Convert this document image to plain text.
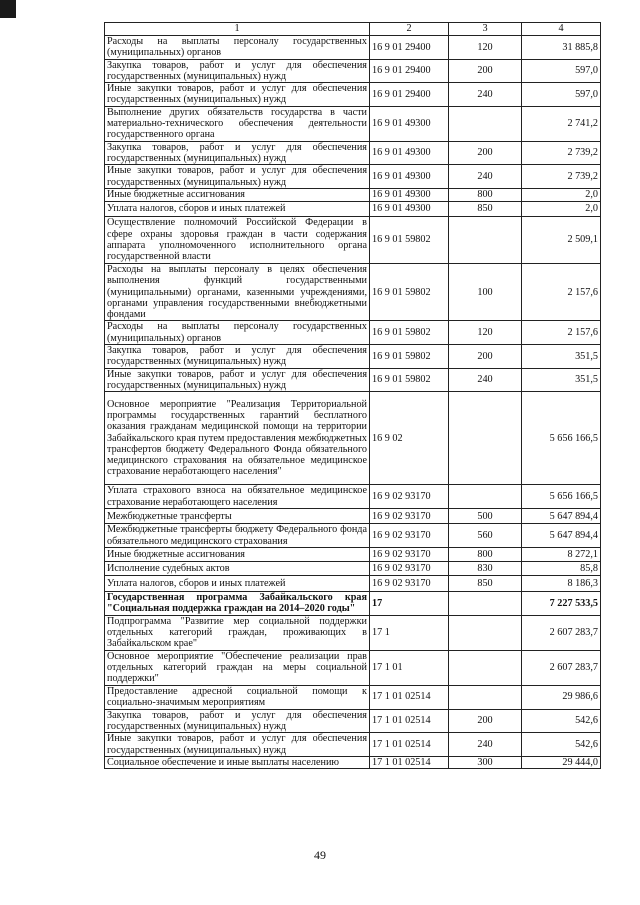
1	2	3	4
Расходы на выплаты персоналу государственных (муниципальных) органов	16 9 01 29400	120	31 885,8
Закупка товаров, работ и услуг для обеспечения государственных (муниципальных) нужд	16 9 01 29400	200	597,0
Иные закупки товаров, работ и услуг для обеспечения государственных (муниципальных) нужд	16 9 01 29400	240	597,0
Выполнение других обязательств государства в части материально-технического обеспечения деятельности государственного органа	16 9 01 49300		2 741,2
Закупка товаров, работ и услуг для обеспечения государственных (муниципальных) нужд	16 9 01 49300	200	2 739,2
Иные закупки товаров, работ и услуг для обеспечения государственных (муниципальных) нужд	16 9 01 49300	240	2 739,2
Иные бюджетные ассигнования	16 9 01 49300	800	2,0
Уплата налогов, сборов и иных платежей	16 9 01 49300	850	2,0
Осуществление полномочий Российской Федерации в сфере охраны здоровья граждан в части содержания аппарата уполномоченного исполнительного органа государственной власти	16 9 01 59802		2 509,1
Расходы на выплаты персоналу в целях обеспечения выполнения функций государственными (муниципальными) органами, казенными учреждениями, органами управления государственными внебюджетными фондами	16 9 01 59802	100	2 157,6
Расходы на выплаты персоналу государственных (муниципальных) органов	16 9 01 59802	120	2 157,6
Закупка товаров, работ и услуг для обеспечения государственных (муниципальных) нужд	16 9 01 59802	200	351,5
Иные закупки товаров, работ и услуг для обеспечения государственных (муниципальных) нужд	16 9 01 59802	240	351,5
Основное мероприятие "Реализация Территориальной программы государственных гарантий бесплатного оказания гражданам медицинской помощи на территории Забайкальского края путем предоставления межбюджетных трансфертов бюджету Федерального Фонда обязательного медицинского страхования на обязательное медицинское страхование неработающего населения"	16 9 02		5 656 166,5
Уплата страхового взноса на обязательное медицинское страхование неработающего населения	16 9 02 93170		5 656 166,5
Межбюджетные трансферты	16 9 02 93170	500	5 647 894,4
Межбюджетные трансферты бюджету Федерального фонда обязательного медицинского страхования	16 9 02 93170	560	5 647 894,4
Иные бюджетные ассигнования	16 9 02 93170	800	8 272,1
Исполнение судебных актов	16 9 02 93170	830	85,8
Уплата налогов, сборов и иных платежей	16 9 02 93170	850	8 186,3
Государственная программа Забайкальского края "Социальная поддержка граждан на 2014–2020 годы"	17		7 227 533,5
Подпрограмма "Развитие мер социальной поддержки отдельных категорий граждан, проживающих в Забайкальском крае"	17 1		2 607 283,7
Основное мероприятие "Обеспечение реализации прав отдельных категорий граждан на меры социальной поддержки"	17 1 01		2 607 283,7
Предоставление адресной социальной помощи к социально-значимым мероприятиям	17 1 01 02514		29 986,6
Закупка товаров, работ и услуг для обеспечения государственных (муниципальных) нужд	17 1 01 02514	200	542,6
Иные закупки товаров, работ и услуг для обеспечения государственных (муниципальных) нужд	17 1 01 02514	240	542,6
Социальное обеспечение и иные выплаты населению	17 1 01 02514	300	29 444,0
49
